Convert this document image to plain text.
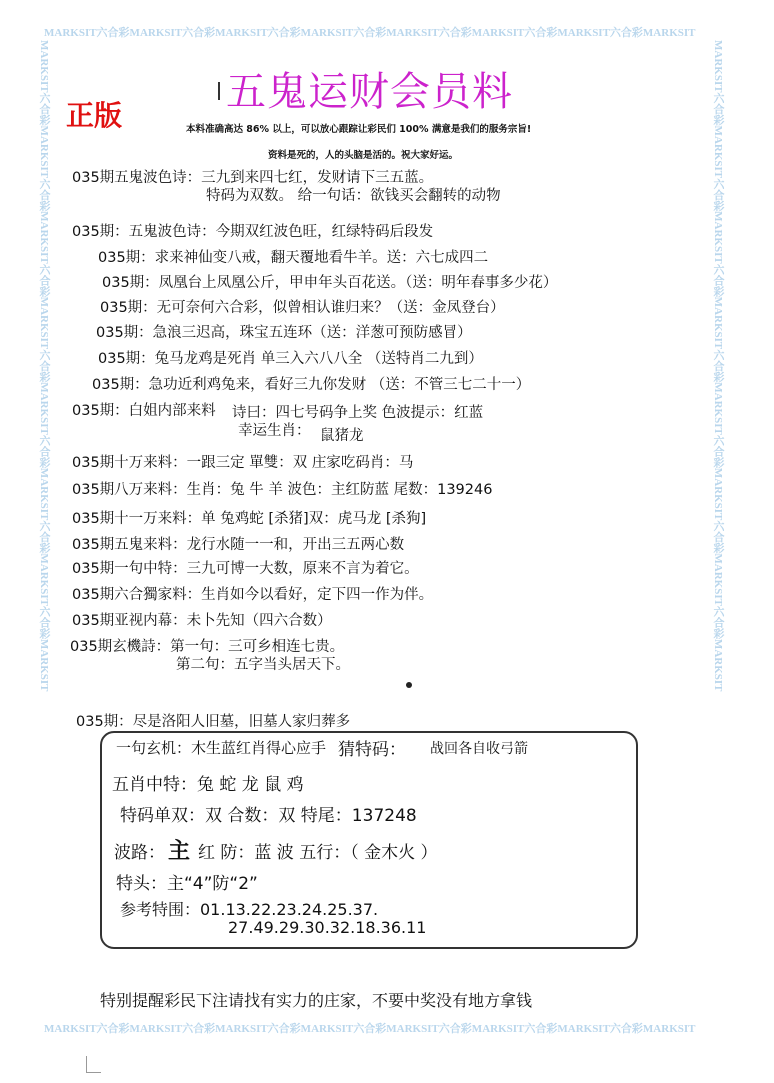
MARKSIT六合彩MARKSIT六合彩MARKSIT六合彩MARKSIT六合彩MARKSIT六合彩MARKSIT六合彩MARKSIT六合彩MARKSIT
MARKSIT六合彩MARKSIT六合彩MARKSIT六合彩MARKSIT六合彩MARKSIT六合彩MARKSIT六合彩MARKSIT六合彩MARKSIT
MARKSIT六合彩MARKSIT六合彩MARKSIT六合彩MARKSIT六合彩MARKSIT六合彩MARKSIT六合彩MARKSIT六合彩MARKSIT	MARKSIT六合彩MARKSIT六合彩MARKSIT六合彩MARKSIT六合彩MARKSIT六合彩MARKSIT六合彩MARKSIT六合彩MARKSIT
五鬼运财会员料
正版	本料准确高达 86% 以上，可以放心跟踪让彩民们 100% 满意是我们的服务宗旨!
资料是死的，人的头脑是活的。祝大家好运。
035期五鬼波色诗：三九到来四七红，发财请下三五蓝。
特码为双数。 给一句话：欲钱买会翻转的动物
035期：五鬼波色诗：今期双红波色旺，红绿特码后段发
035期：求来神仙变八戒，翻天覆地看牛羊。送：六七成四二
035期：凤凰台上凤凰公斤，甲申年头百花送。（送：明年春事多少花）
035期：无可奈何六合彩，似曾相认谁归来？（送：金凤登台）
035期：急浪三迟高，珠宝五连环（送：洋葱可预防感冒）
035期：兔马龙鸡是死肖 单三入六八八全 （送特肖二九到）
035期：急功近利鸡兔来，看好三九你发财 （送：不管三七二十一）
035期：白姐内部来料 诗曰：四七号码争上奖 色波提示：红蓝
幸运生肖： 鼠猪龙
035期十万来料：一跟三定 單雙：双 庄家吃码肖：马
035期八万来料：生肖：兔 牛 羊 波色：主红防蓝 尾数：139246
035期十一万来料：单 兔鸡蛇 [杀猪]双：虎马龙 [杀狗]
035期五鬼来料：龙行水随一一和，开出三五两心数
035期一句中特：三九可博一大数，原来不言为着它。
035期六合獨家料：生肖如今以看好，定下四一作为伴。
035期亚视内幕：未卜先知（四六合数）
035期玄機詩：第一句：三可乡相连七贵。
第二句：五字当头居天下。
035期：尽是洛阳人旧墓，旧墓人家归葬多
一句玄机：木生蓝红肖得心应手 猜特码： 战回各自收弓箭
五肖中特：兔 蛇 龙 鼠 鸡
特码单双：双 合数：双 特尾：137248
波路： 主 红 防：蓝 波 五行：（ 金木火 ）
特头：主“4”防“2”
参考特围：01.13.22.23.24.25.37.
27.49.29.30.32.18.36.11
特别提醒彩民下注请找有实力的庄家，不要中奖没有地方拿钱
